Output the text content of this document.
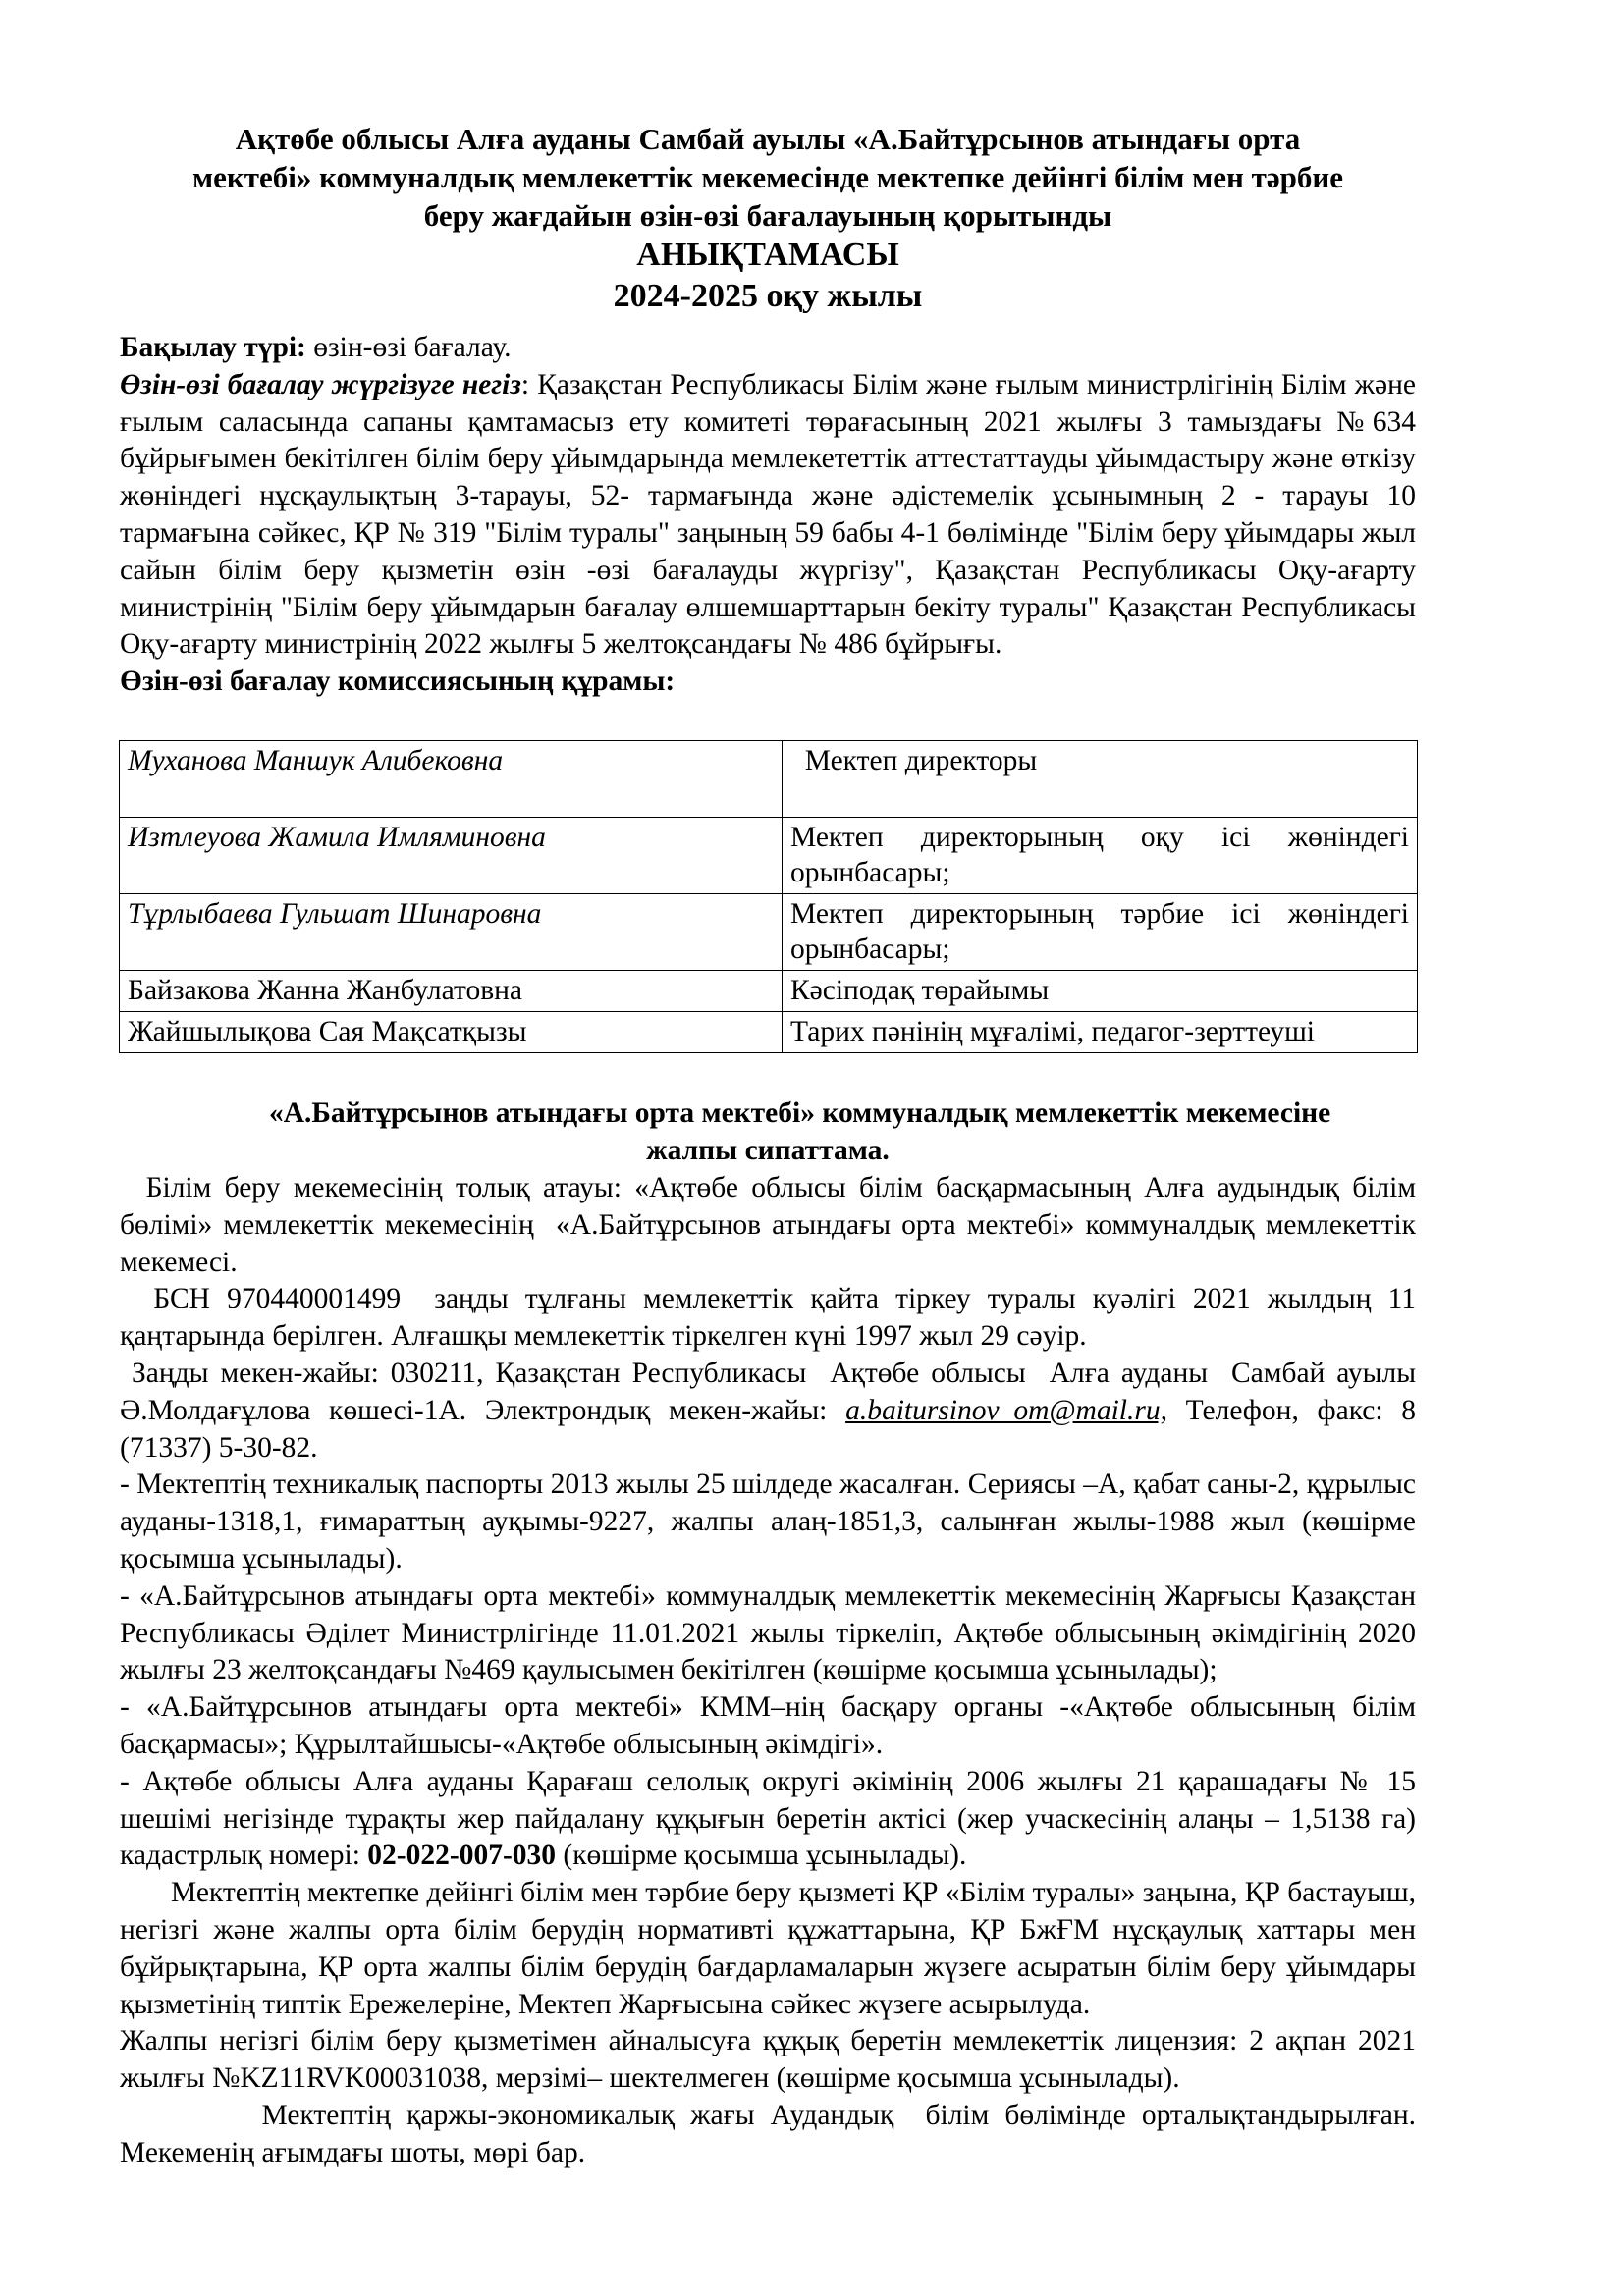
Ақтөбе облысы Алға ауданы Самбай ауылы «А.Байтұрсынов атындағы орта
мектебі» коммуналдық мемлекеттік мекемесінде мектепке дейінгі білім мен тәрбие
беру жағдайын өзін-өзі бағалауының қорытынды
АНЫҚТАМАСЫ
2024-2025 оқу жылы
Бақылау түрі: өзін-өзі бағалау.
Өзін-өзі бағалау жүргізуге негіз: Қазақстан Республикасы Білім және ғылым министрлігінің Білім және ғылым саласында сапаны қамтамасыз ету комитеті төрағасының 2021 жылғы 3 тамыздағы №634 бұйрығымен бекітілген білім беру ұйымдарында мемлекететтік аттестаттауды ұйымдастыру және өткізу жөніндегі нұсқаулықтың 3-тарауы, 52- тармағында және әдістемелік ұсынымның 2 - тарауы 10 тармағына сәйкес, ҚР № 319 "Білім туралы" заңының 59 бабы 4-1 бөлімінде "Білім беру ұйымдары жыл сайын білім беру қызметін өзін -өзі бағалауды жүргізу", Қазақстан Республикасы Оқу-ағарту министрінің "Білім беру ұйымдарын бағалау өлшемшарттарын бекіту туралы" Қазақстан Республикасы Оқу-ағарту министрінің 2022 жылғы 5 желтоқсандағы № 486 бұйрығы.
Өзін-өзі бағалау комиссиясының құрамы:
Муханова Маншук Алибековна	Мектеп директоры
Изтлеуова Жамила Имляминовна	Мектеп директорының оқу ісі жөніндегі орынбасары;
Тұрлыбаева Гульшат Шинаровна	Мектеп директорының тәрбие ісі жөніндегі орынбасары;
Байзакова Жанна Жанбулатовна	Кәсіподақ төрайымы
Жайшылықова Сая Мақсатқызы	Тарих пәнінің мұғалімі, педагог-зерттеуші
«А.Байтұрсынов атындағы орта мектебі» коммуналдық мемлекеттік мекемесіне
жалпы сипаттама.
Білім беру мекемесінің толық атауы: «Ақтөбе облысы білім басқармасының Алға аудындық білім бөлімі» мемлекеттік мекемесінің  «А.Байтұрсынов атындағы орта мектебі» коммуналдық мемлекеттік мекемесі.
БСН 970440001499  заңды тұлғаны мемлекеттік қайта тіркеу туралы куәлігі 2021 жылдың 11 қаңтарында берілген. Алғашқы мемлекеттік тіркелген күні 1997 жыл 29 сәуір.
Заңды мекен-жайы: 030211, Қазақстан Республикасы  Ақтөбе облысы  Алға ауданы  Самбай ауылы Ә.Молдағұлова көшесі-1А. Электрондық мекен-жайы: a.baitursinov_om@mail.ru, Телефон, факс: 8 (71337) 5-30-82.
- Мектептің техникалық паспорты 2013 жылы 25 шілдеде жасалған. Сериясы –А, қабат саны-2, құрылыс ауданы-1318,1, ғимараттың ауқымы-9227, жалпы алаң-1851,3, салынған жылы-1988 жыл (көшірме қосымша ұсынылады).
- «А.Байтұрсынов атындағы орта мектебі» коммуналдық мемлекеттік мекемесінің Жарғысы Қазақстан Республикасы Әділет Министрлігінде 11.01.2021 жылы тіркеліп, Ақтөбе облысының әкімдігінің 2020 жылғы 23 желтоқсандағы №469 қаулысымен бекітілген (көшірме қосымша ұсынылады);
- «А.Байтұрсынов атындағы орта мектебі» КММ–нің басқару органы -«Ақтөбе облысының білім басқармасы»; Құрылтайшысы-«Ақтөбе облысының әкімдігі».
- Ақтөбе облысы Алға ауданы Қарағаш селолық округі әкімінің 2006 жылғы 21 қарашадағы № 15 шешімі негізінде тұрақты жер пайдалану құқығын беретін актісі (жер учаскесінің алаңы – 1,5138 га) кадастрлық номері: 02-022-007-030 (көшірме қосымша ұсынылады).
Мектептің мектепке дейінгі білім мен тәрбие беру қызметі ҚР «Білім туралы» заңына, ҚР бастауыш, негізгі және жалпы орта білім берудің нормативті құжаттарына, ҚР БжҒМ нұсқаулық хаттары мен бұйрықтарына, ҚР орта жалпы білім берудің бағдарламаларын жүзеге асыратын білім беру ұйымдары қызметінің типтік Ережелеріне, Мектеп Жарғысына сәйкес жүзеге асырылуда.
Жалпы негізгі білім беру қызметімен айналысуға құқық беретін мемлекеттік лицензия: 2 ақпан 2021 жылғы №KZ11RVK00031038, мерзімі– шектелмеген (көшірме қосымша ұсынылады).
Мектептің қаржы-экономикалық жағы Аудандық  білім бөлімінде орталықтандырылған. Мекеменің ағымдағы шоты, мөрі бар.
